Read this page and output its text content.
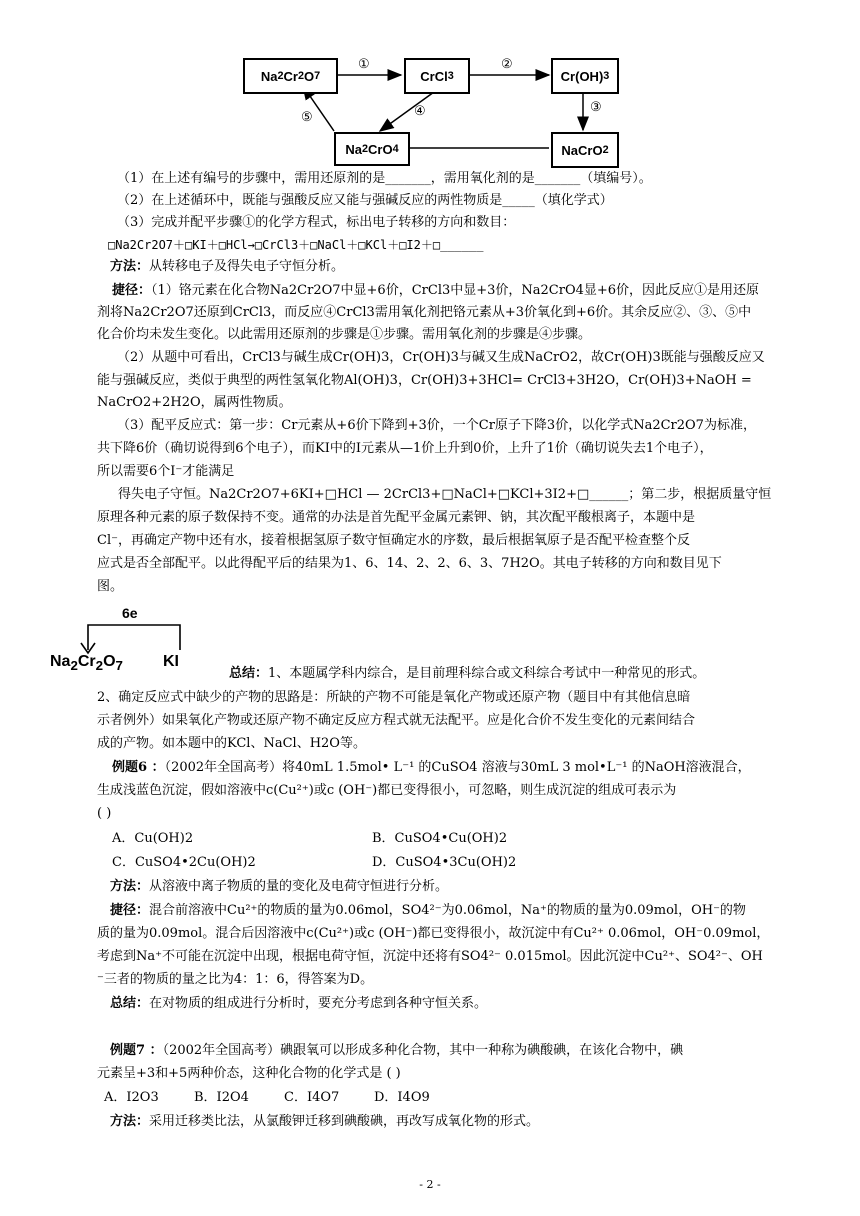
Na 2 Cr 2 O 7	CrCl 3	Cr(OH) 3
NaCrO 2
Na 2 CrO 4
①	②
③
④
⑤
（1）在上述有编号的步骤中，需用还原剂的是_______，需用氧化剂的是_______（填编号）。
（2）在上述循环中，既能与强酸反应又能与强碱反应的两性物质是_____（填化学式）
（3）完成并配平步骤①的化学方程式，标出电子转移的方向和数目：
□Na2Cr2O7＋□KI＋□HCl→□CrCl3＋□NaCl＋□KCl＋□I2＋□______
方法：从转移电子及得失电子守恒分析。
捷径：（1）铬元素在化合物Na2Cr2O7中显+6价，CrCl3中显+3价，Na2CrO4显+6价，因此反应①是用还原
剂将Na2Cr2O7还原到CrCl3，而反应④CrCl3需用氧化剂把铬元素从+3价氧化到+6价。其余反应②、③、⑤中
化合价均未发生变化。以此需用还原剂的步骤是①步骤。需用氧化剂的步骤是④步骤。
（2）从题中可看出，CrCl3与碱生成Cr(OH)3，Cr(OH)3与碱又生成NaCrO2，故Cr(OH)3既能与强酸反应又
能与强碱反应，类似于典型的两性氢氧化物Al(OH)3，Cr(OH)3+3HCl= CrCl3+3H2O，Cr(OH)3+NaOH =
NaCrO2+2H2O，属两性物质。
（3）配平反应式：第一步：Cr元素从+6价下降到+3价，一个Cr原子下降3价，以化学式Na2Cr2O7为标准，
共下降6价（确切说得到6个电子），而KI中的I元素从—1价上升到0价，上升了1价（确切说失去1个电子），
所以需要6个I⁻才能满足
得失电子守恒。Na2Cr2O7+6KI+□HCl — 2CrCl3+□NaCl+□KCl+3I2+□______；第二步，根据质量守恒
原理各种元素的原子数保持不变。通常的办法是首先配平金属元素钾、钠，其次配平酸根离子，本题中是
Cl⁻，再确定产物中还有水，接着根据氢原子数守恒确定水的序数，最后根据氧原子是否配平检查整个反
应式是否全部配平。以此得配平后的结果为1、6、14、2、2、6、3、7H2O。其电子转移的方向和数目见下
图。
6e
$Na_2Cr_2O_7$	KI
总结：1、本题属学科内综合，是目前理科综合或文科综合考试中一种常见的形式。
2、确定反应式中缺少的产物的思路是：所缺的产物不可能是氧化产物或还原产物（题目中有其他信息暗
示者例外）如果氧化产物或还原产物不确定反应方程式就无法配平。应是化合价不发生变化的元素间结合
成的产物。如本题中的KCl、NaCl、H2O等。
例题6 ：（2002年全国高考）将40mL 1.5mol• L⁻¹ 的CuSO4 溶液与30mL 3 mol•L⁻¹ 的NaOH溶液混合，
生成浅蓝色沉淀，假如溶液中c(Cu²⁺)或c (OH⁻)都已变得很小，可忽略，则生成沉淀的组成可表示为
( )
A．Cu(OH)2	B．CuSO4•Cu(OH)2
C．CuSO4•2Cu(OH)2	D．CuSO4•3Cu(OH)2
方法：从溶液中离子物质的量的变化及电荷守恒进行分析。
捷径：混合前溶液中Cu²⁺的物质的量为0.06mol，SO4²⁻为0.06mol，Na⁺的物质的量为0.09mol，OH⁻的物
质的量为0.09mol。混合后因溶液中c(Cu²⁺)或c (OH⁻)都已变得很小，故沉淀中有Cu²⁺ 0.06mol，OH⁻0.09mol，
考虑到Na⁺不可能在沉淀中出现，根据电荷守恒，沉淀中还将有SO4²⁻ 0.015mol。因此沉淀中Cu²⁺、SO4²⁻、OH
⁻三者的物质的量之比为4：1：6，得答案为D。
总结：在对物质的组成进行分析时，要充分考虑到各种守恒关系。
例题7 ：（2002年全国高考）碘跟氧可以形成多种化合物，其中一种称为碘酸碘，在该化合物中，碘
元素呈+3和+5两种价态，这种化合物的化学式是 ( )
A．I2O3	B．I2O4	C．I4O7	D．I4O9
方法：采用迁移类比法，从氯酸钾迁移到碘酸碘，再改写成氧化物的形式。
- 2 -
